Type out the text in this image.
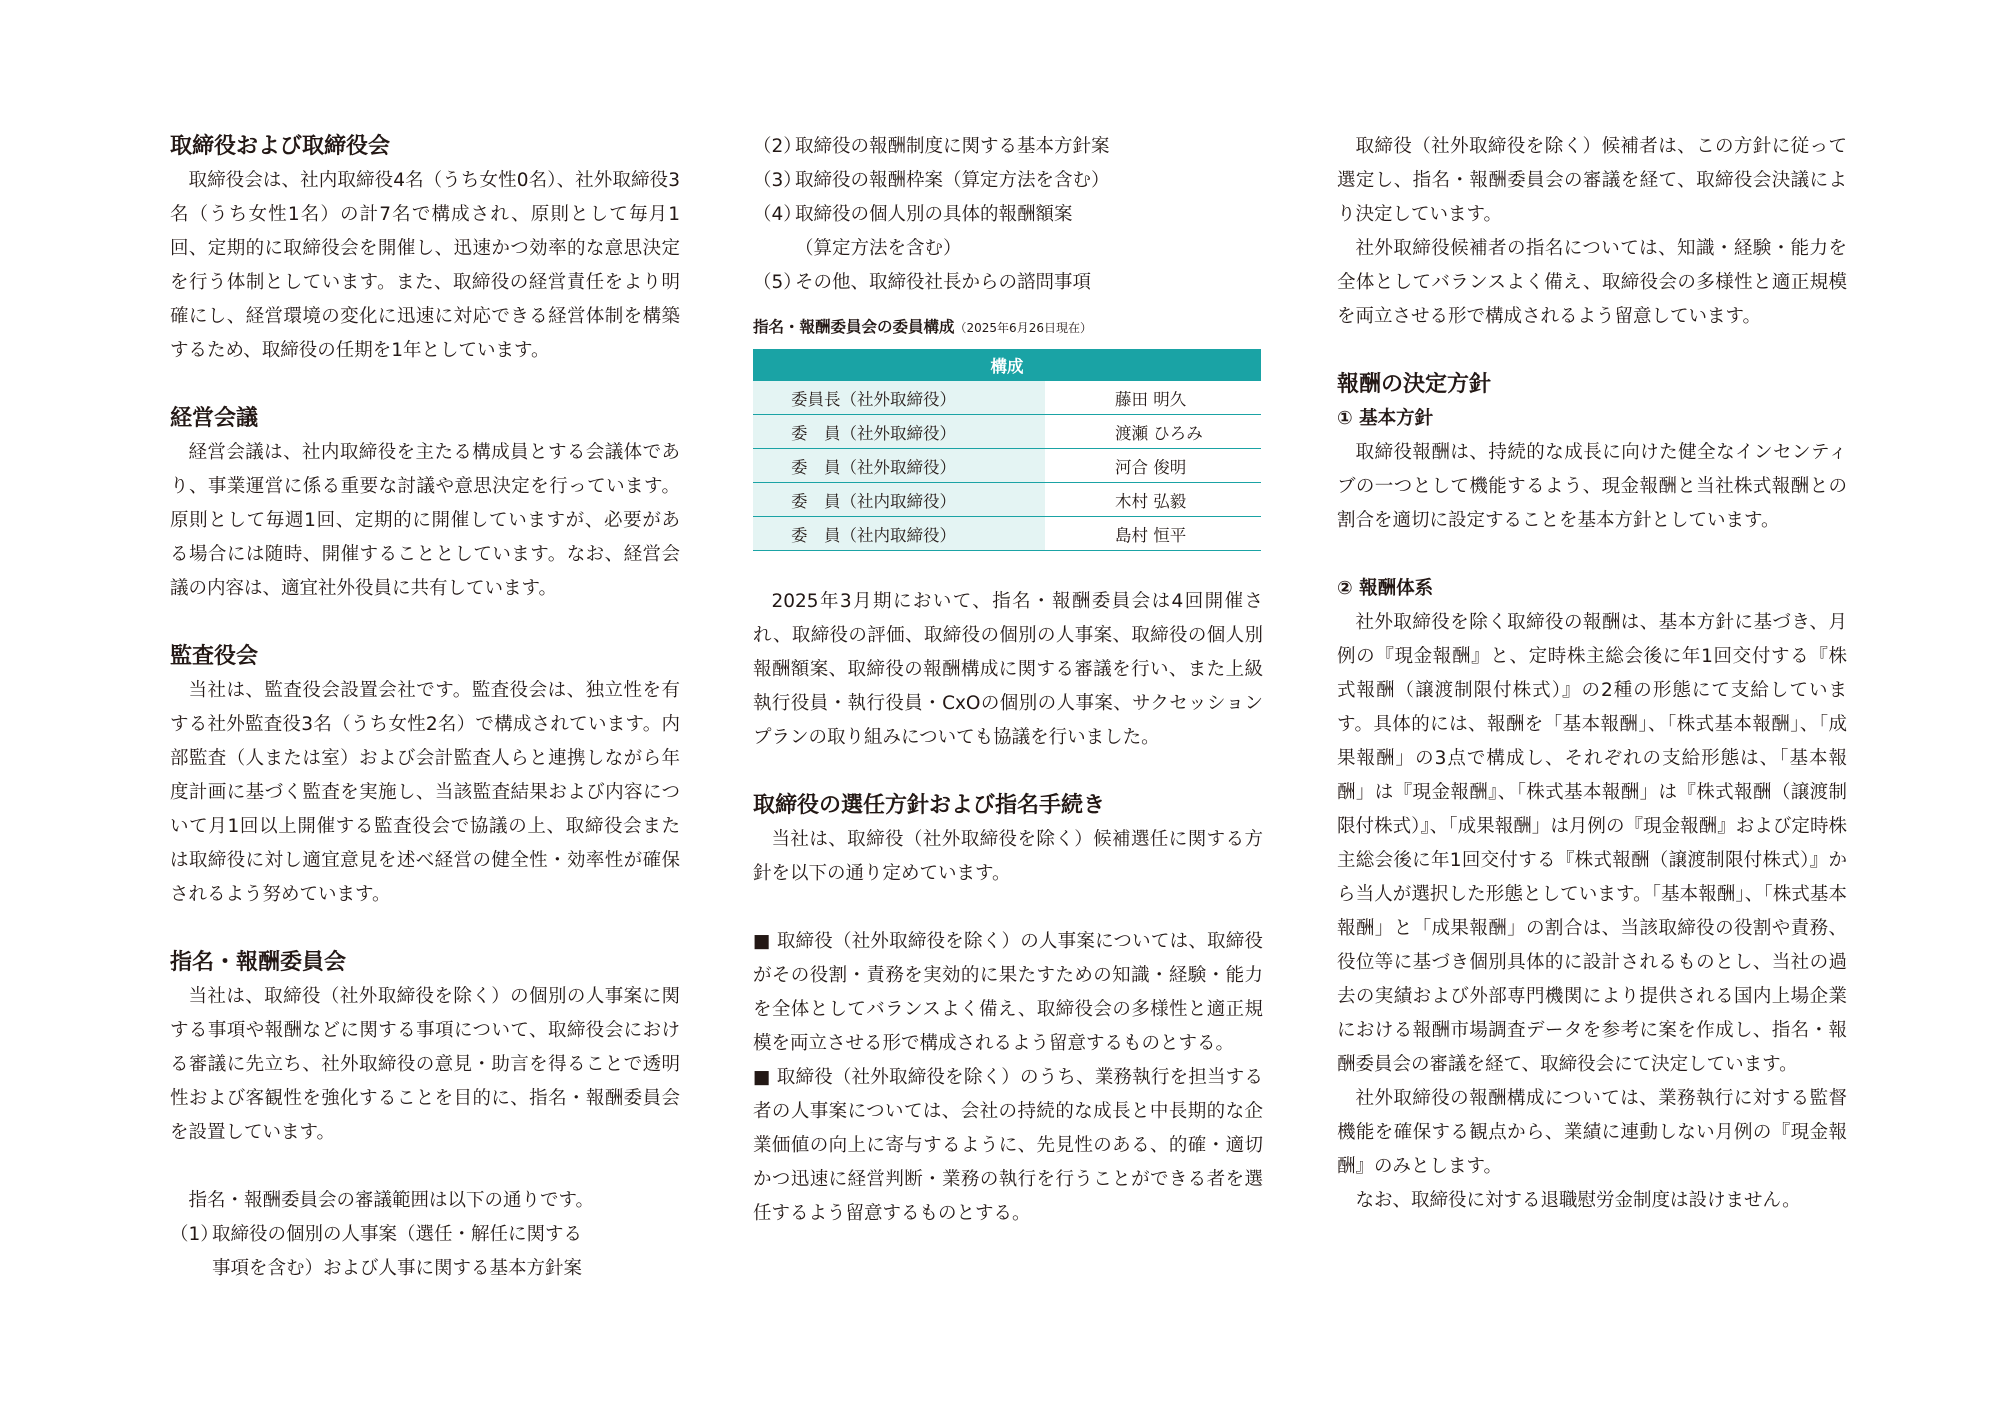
取締役および取締役会

取締役会は、社内取締役4名（うち女性0名）、社外取締役3名（うち女性1名）の計7名で構成され、原則として毎月1回、定期的に取締役会を開催し、迅速かつ効率的な意思決定を行う体制としています。また、取締役の経営責任をより明確にし、経営環境の変化に迅速に対応できる経営体制を構築するため、取締役の任期を1年としています。

経営会議

経営会議は、社内取締役を主たる構成員とする会議体であり、事業運営に係る重要な討議や意思決定を行っています。原則として毎週1回、定期的に開催していますが、必要がある場合には随時、開催することとしています。なお、経営会議の内容は、適宜社外役員に共有しています。

監査役会

当社は、監査役会設置会社です。監査役会は、独立性を有する社外監査役3名（うち女性2名）で構成されています。内部監査（人または室）および会計監査人らと連携しながら年度計画に基づく監査を実施し、当該監査結果および内容について月1回以上開催する監査役会で協議の上、取締役会または取締役に対し適宜意見を述べ経営の健全性・効率性が確保されるよう努めています。

指名・報酬委員会

当社は、取締役（社外取締役を除く）の個別の人事案に関する事項や報酬などに関する事項について、取締役会における審議に先立ち、社外取締役の意見・助言を得ることで透明性および客観性を強化することを目的に、指名・報酬委員会を設置しています。

指名・報酬委員会の審議範囲は以下の通りです。

（1）取締役の個別の人事案（選任・解任に関する
事項を含む）および人事に関する基本方針案
（2）取締役の報酬制度に関する基本方針案
（3）取締役の報酬枠案（算定方法を含む）
（4）取締役の個人別の具体的報酬額案
（算定方法を含む）
（5）その他、取締役社長からの諮問事項
指名・報酬委員会の委員構成（2025年6月26日現在）
構成	
委員長（社外取締役）	藤田 明久
委　員（社外取締役）	渡瀬 ひろみ
委　員（社外取締役）	河合 俊明
委　員（社内取締役）	木村 弘毅
委　員（社内取締役）	島村 恒平

2025年3月期において、指名・報酬委員会は4回開催され、取締役の評価、取締役の個別の人事案、取締役の個人別報酬額案、取締役の報酬構成に関する審議を行い、また上級執行役員・執行役員・CxOの個別の人事案、サクセッションプランの取り組みについても協議を行いました。

取締役の選任方針および指名手続き

当社は、取締役（社外取締役を除く）候補選任に関する方針を以下の通り定めています。

■ 取締役（社外取締役を除く）の人事案については、取締役がその役割・責務を実効的に果たすための知識・経験・能力を全体としてバランスよく備え、取締役会の多様性と適正規模を両立させる形で構成されるよう留意するものとする。

■ 取締役（社外取締役を除く）のうち、業務執行を担当する者の人事案については、会社の持続的な成長と中長期的な企業価値の向上に寄与するように、先見性のある、的確・適切かつ迅速に経営判断・業務の執行を行うことができる者を選任するよう留意するものとする。

取締役（社外取締役を除く）候補者は、この方針に従って選定し、指名・報酬委員会の審議を経て、取締役会決議により決定しています。

社外取締役候補者の指名については、知識・経験・能力を全体としてバランスよく備え、取締役会の多様性と適正規模を両立させる形で構成されるよう留意しています。

報酬の決定方針
① 基本方針

取締役報酬は、持続的な成長に向けた健全なインセンティブの一つとして機能するよう、現金報酬と当社株式報酬との割合を適切に設定することを基本方針としています。

② 報酬体系

社外取締役を除く取締役の報酬は、基本方針に基づき、月例の『現金報酬』と、定時株主総会後に年1回交付する『株式報酬（譲渡制限付株式）』の2種の形態にて支給しています。具体的には、報酬を「基本報酬」、「株式基本報酬」、「成果報酬」の3点で構成し、それぞれの支給形態は、「基本報酬」は『現金報酬』、「株式基本報酬」は『株式報酬（譲渡制限付株式）』、「成果報酬」は月例の『現金報酬』および定時株主総会後に年1回交付する『株式報酬（譲渡制限付株式）』から当人が選択した形態としています。「基本報酬」、「株式基本報酬」と「成果報酬」の割合は、当該取締役の役割や責務、役位等に基づき個別具体的に設計されるものとし、当社の過去の実績および外部専門機関により提供される国内上場企業における報酬市場調査データを参考に案を作成し、指名・報酬委員会の審議を経て、取締役会にて決定しています。

社外取締役の報酬構成については、業務執行に対する監督機能を確保する観点から、業績に連動しない月例の『現金報酬』のみとします。

なお、取締役に対する退職慰労金制度は設けません。
